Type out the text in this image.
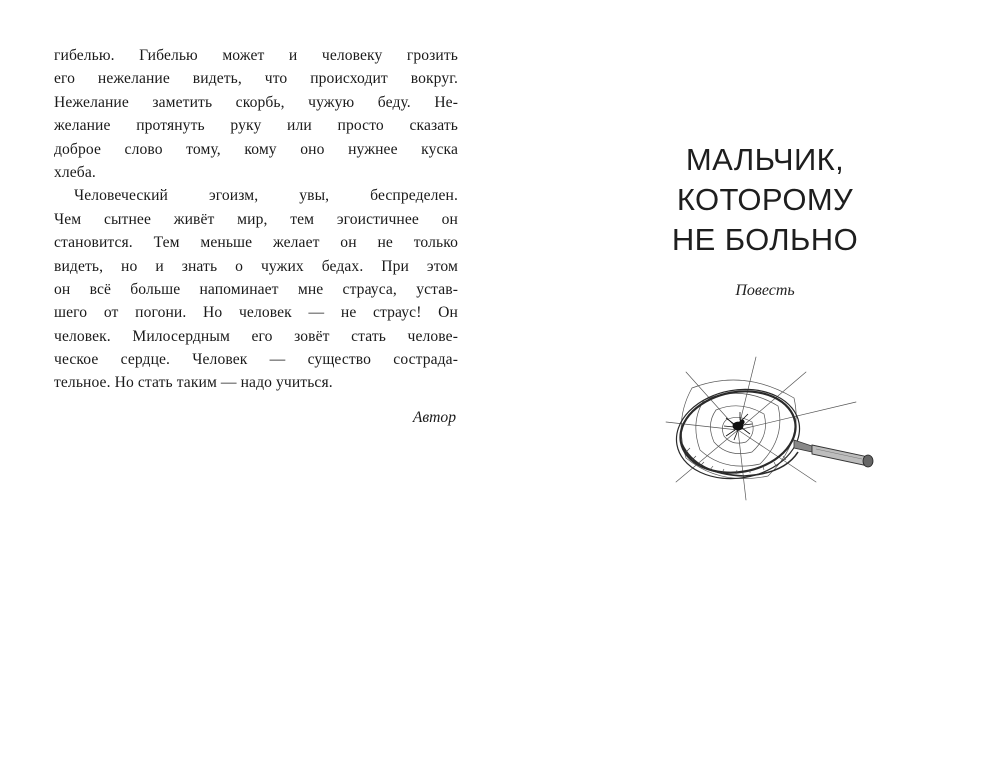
гибелью. Гибелью может и человеку грозить
его нежелание видеть, что происходит вокруг.
Нежелание заметить скорбь, чужую беду. Не-
желание протянуть руку или просто сказать
доброе слово тому, кому оно нужнее куска
хлеба.
Человеческий эгоизм, увы, беспределен.
Чем сытнее живёт мир, тем эгоистичнее он
становится. Тем меньше желает он не только
видеть, но и знать о чужих бедах. При этом
он всё больше напоминает мне страуса, устав-
шего от погони. Но человек — не страус! Он
человек. Милосердным его зовёт стать челове-
ческое сердце. Человек — существо сострада-
тельное. Но стать таким — надо учиться.
Автор
МАЛЬЧИК,
КОТОРОМУ
НЕ БОЛЬНО
Повесть
